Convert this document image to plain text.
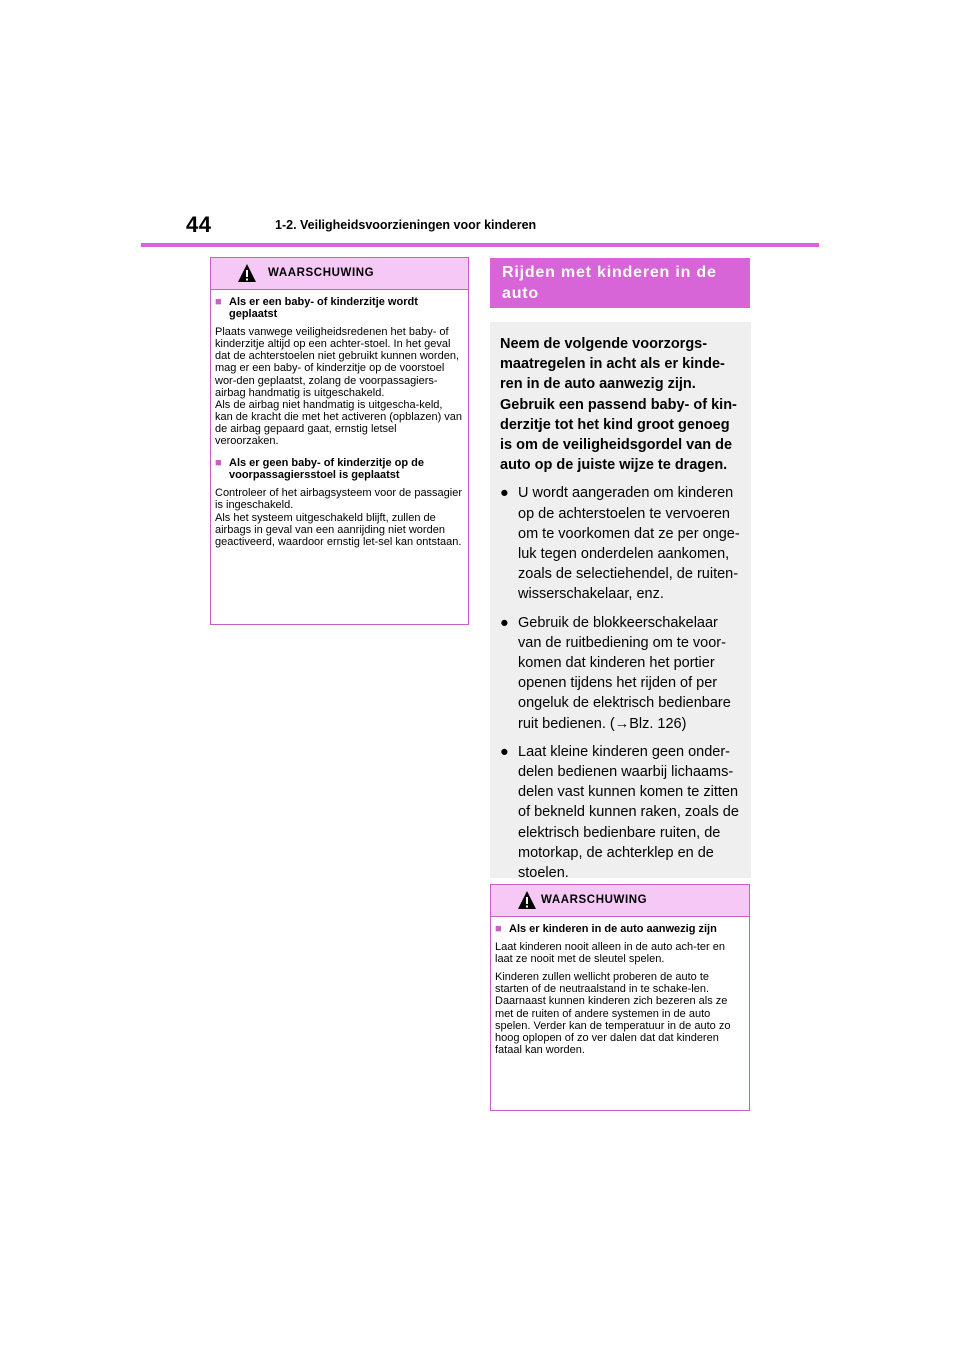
44	1-2. Veiligheidsvoorzieningen voor kinderen
WAARSCHUWING
■ Als er een baby- of kinderzitje wordt geplaatst

Plaats vanwege veiligheidsredenen het baby- of kinderzitje altijd op een achter-stoel. In het geval dat de achterstoelen niet gebruikt kunnen worden, mag er een baby- of kinderzitje op de voorstoel wor-den geplaatst, zolang de voorpassagiers-airbag handmatig is uitgeschakeld.
Als de airbag niet handmatig is uitgescha-keld, kan de kracht die met het activeren (opblazen) van de airbag gepaard gaat, ernstig letsel veroorzaken.

■ Als er geen baby- of kinderzitje op de voorpassagiersstoel is geplaatst

Controleer of het airbagsysteem voor de passagier is ingeschakeld.
Als het systeem uitgeschakeld blijft, zullen de airbags in geval van een aanrijding niet worden geactiveerd, waardoor ernstig let-sel kan ontstaan.

Rijden met kinderen in de auto

Neem de volgende voorzorgs-maatregelen in acht als er kinde-ren in de auto aanwezig zijn. Gebruik een passend baby- of kin-derzitje tot het kind groot genoeg is om de veiligheidsgordel van de auto op de juiste wijze te dragen.

● U wordt aangeraden om kinderen op de achterstoelen te vervoeren om te voorkomen dat ze per onge-luk tegen onderdelen aankomen, zoals de selectiehendel, de ruiten-wisserschakelaar, enz.
● Gebruik de blokkeerschakelaar van de ruitbediening om te voor-komen dat kinderen het portier openen tijdens het rijden of per ongeluk de elektrisch bedienbare ruit bedienen. (→Blz. 126)
● Laat kleine kinderen geen onder-delen bedienen waarbij lichaams-delen vast kunnen komen te zitten of bekneld kunnen raken, zoals de elektrisch bedienbare ruiten, de motorkap, de achterklep en de stoelen.
WAARSCHUWING
■ Als er kinderen in de auto aanwezig zijn

Laat kinderen nooit alleen in de auto ach-ter en laat ze nooit met de sleutel spelen.

Kinderen zullen wellicht proberen de auto te starten of de neutraalstand in te schake-len. Daarnaast kunnen kinderen zich bezeren als ze met de ruiten of andere systemen in de auto spelen. Verder kan de temperatuur in de auto zo hoog oplopen of zo ver dalen dat dat kinderen fataal kan worden.
